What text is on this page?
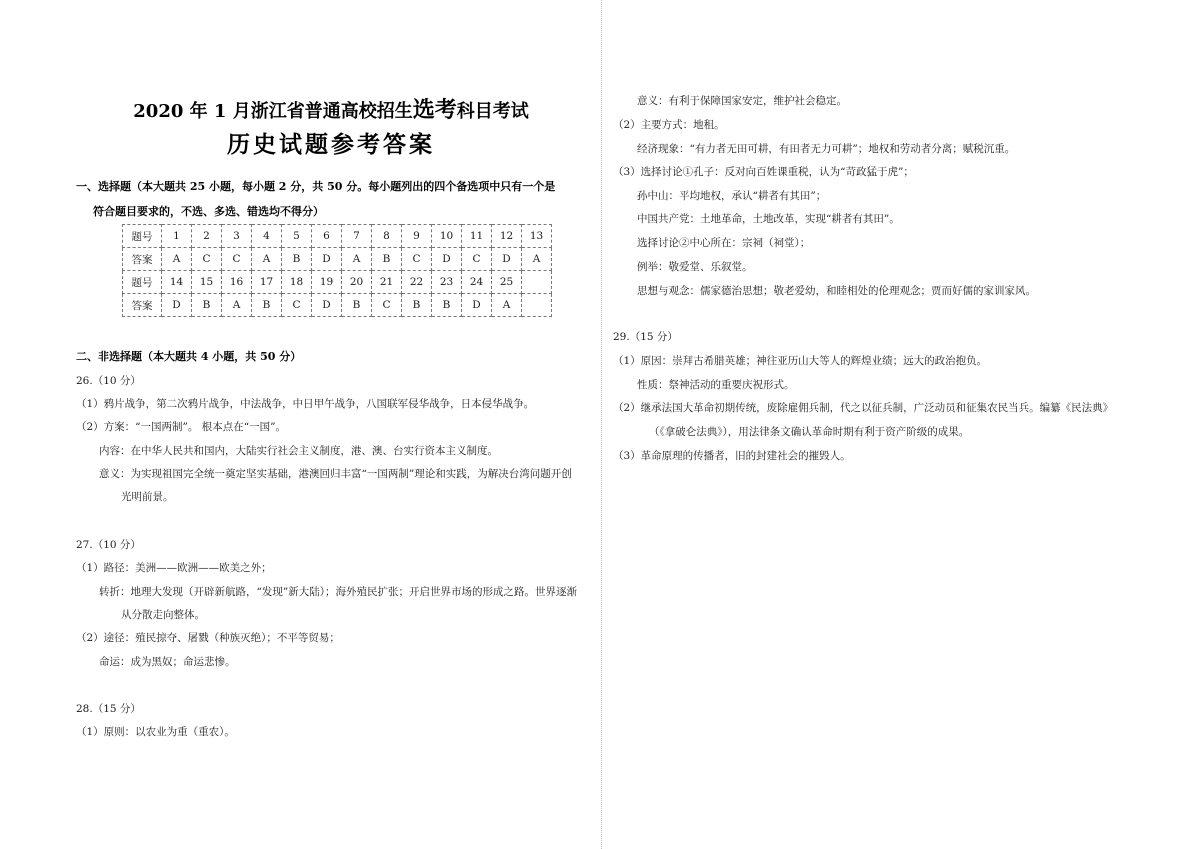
2020 年 1 月浙江省普通高校招生选考科目考试
历史试题参考答案
一、选择题（本大题共 25 小题，每小题 2 分，共 50 分。每小题列出的四个备选项中只有一个是
符合题目要求的，不选、多选、错选均不得分）
题号	1	2	3	4	5	6	7	8	9	10	11	12	13
答案	A	C	C	A	B	D	A	B	C	D	C	D	A
题号	14	15	16	17	18	19	20	21	22	23	24	25	
答案	D	B	A	B	C	D	B	C	B	B	D	A	
二、非选择题（本大题共 4 小题，共 50 分）
26.（10 分）
（1）鸦片战争，第二次鸦片战争，中法战争，中日甲午战争，八国联军侵华战争，日本侵华战争。
（2）方案：“一国两制”。 根本点在“一国”。
内容：在中华人民共和国内，大陆实行社会主义制度，港、澳、台实行资本主义制度。
意义：为实现祖国完全统一奠定坚实基础，港澳回归丰富“一国两制”理论和实践，为解决台湾问题开创
光明前景。
27.（10 分）
（1）路径：美洲——欧洲——欧美之外；
转折：地理大发现（开辟新航路，“发现”新大陆）；海外殖民扩张；开启世界市场的形成之路。世界逐渐
从分散走向整体。
（2）途径：殖民掠夺、屠戮（种族灭绝）；不平等贸易；
命运：成为黑奴；命运悲惨。
28.（15 分）
（1）原则：以农业为重（重农）。
意义：有利于保障国家安定，维护社会稳定。
（2）主要方式：地租。
经济现象：“有力者无田可耕，有田者无力可耕”；地权和劳动者分离；赋税沉重。
（3）选择讨论①孔子：反对向百姓课重税，认为“苛政猛于虎”；
孙中山：平均地权，承认“耕者有其田”；
中国共产党：土地革命，土地改革，实现“耕者有其田”。
选择讨论②中心所在：宗祠（祠堂）；
例举：敬爱堂、乐叙堂。
思想与观念：儒家德治思想；敬老爱幼，和睦相处的伦理观念；贾而好儒的家训家风。
29.（15 分）
（1）原因：崇拜古希腊英雄；神往亚历山大等人的辉煌业绩；远大的政治抱负。
性质：祭神活动的重要庆祝形式。
（2）继承法国大革命初期传统，废除雇佣兵制，代之以征兵制，广泛动员和征集农民当兵。编纂《民法典》
（《拿破仑法典》），用法律条文确认革命时期有利于资产阶级的成果。
（3）革命原理的传播者，旧的封建社会的摧毁人。
